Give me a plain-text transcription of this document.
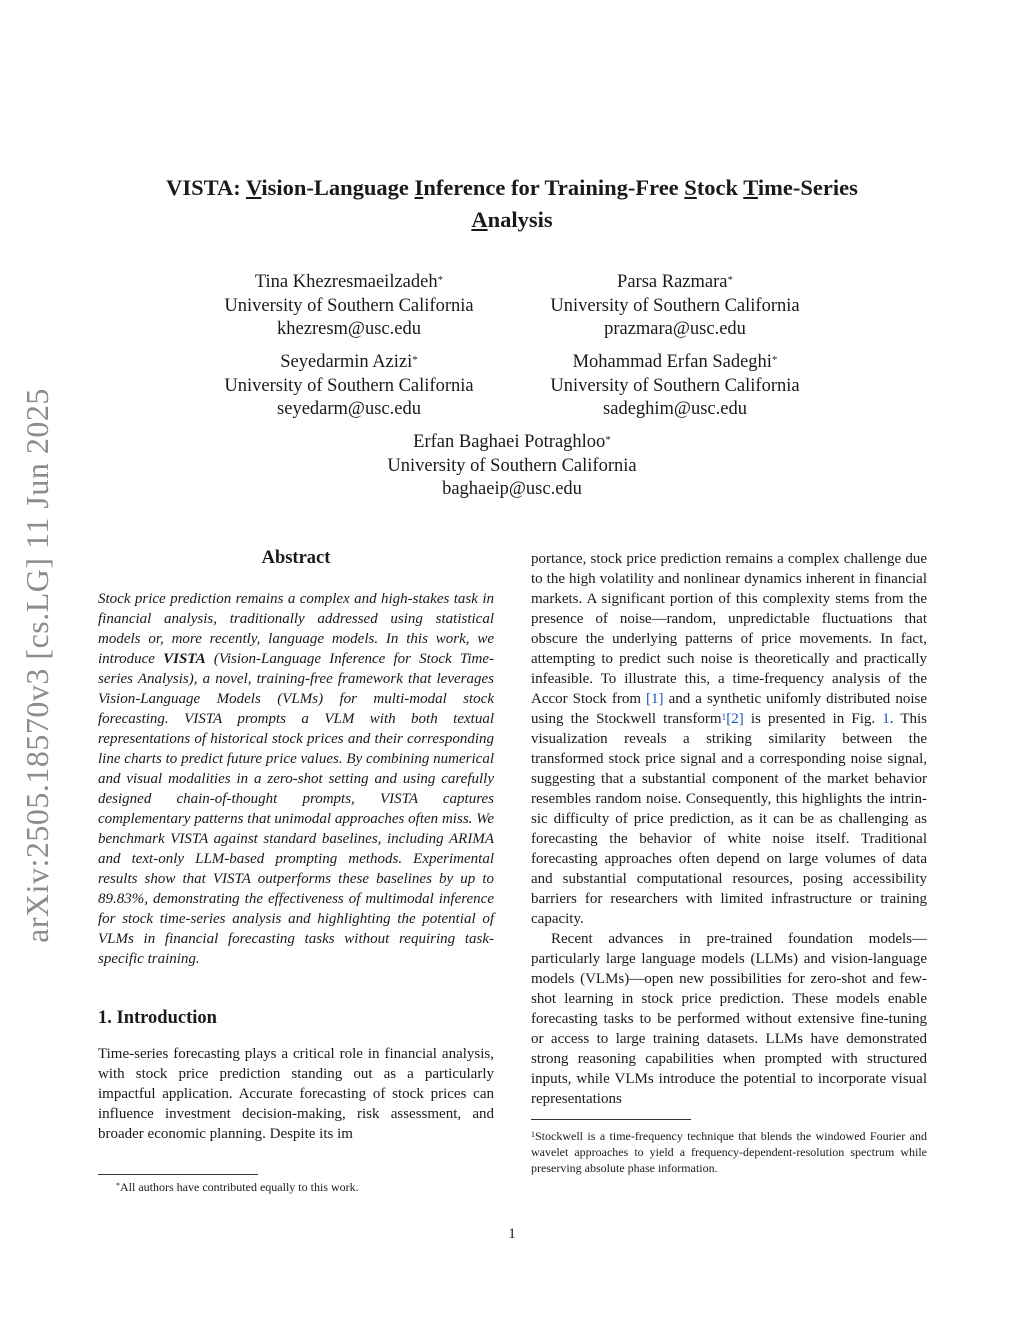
arXiv:2505.18570v3 [cs.LG] 11 Jun 2025
VISTA: Vision-Language Inference for Training-Free Stock Time-Series
Analysis
Tina Khezresmaeilzadeh*
University of Southern California
khezresm@usc.edu
Parsa Razmara*
University of Southern California
prazmara@usc.edu
Seyedarmin Azizi*
University of Southern California
seyedarm@usc.edu
Mohammad Erfan Sadeghi*
University of Southern California
sadeghim@usc.edu
Erfan Baghaei Potraghloo*
University of Southern California
baghaeip@usc.edu
Abstract

Stock price prediction remains a complex and high-stakes task in financial analysis, traditionally addressed using statistical models or, more recently, language models. In this work, we introduce VISTA (Vision-Language Inference for Stock Time-series Analysis), a novel, training-free framework that leverages Vision-Language Models (VLMs) for multi-modal stock forecasting. VISTA prompts a VLM with both textual representations of historical stock prices and their corresponding line charts to predict future price values. By combining numerical and visual modalities in a zero-shot setting and using carefully designed chain-of-thought prompts, VISTA captures complementary patterns that unimodal approaches often miss. We benchmark VISTA against standard baselines, including ARIMA and text-only LLM-based prompting methods. Experimental results show that VISTA outperforms these baselines by up to 89.83%, demonstrating the effectiveness of multimodal inference for stock time-series analysis and highlighting the potential of VLMs in financial forecasting tasks without requiring task-specific training.

1. Introduction

Time-series forecasting plays a critical role in financial analysis, with stock price prediction standing out as a particularly impactful application. Accurate forecasting of stock prices can influence investment decision-making, risk assessment, and broader economic planning. Despite its im

*All authors have contributed equally to this work.

portance, stock price prediction remains a complex challenge due to the high volatility and nonlinear dynamics inherent in financial markets. A significant portion of this complexity stems from the presence of noise—random, unpredictable fluctuations that obscure the underlying patterns of price movements. In fact, attempting to predict such noise is theoretically and practically infeasible. To illustrate this, a time-frequency analysis of the Accor Stock from [1] and a synthetic unifomly distributed noise using the Stockwell transform$^1$[2] is presented in Fig. 1. This visualization reveals a striking similarity between the transformed stock price signal and a corresponding noise signal, suggesting that a substantial component of the market behavior resembles random noise. Consequently, this highlights the intrinsic difficulty of price prediction, as it can be as challenging as forecasting the behavior of white noise itself. Traditional forecasting approaches often depend on large volumes of data and substantial computational resources, posing accessibility barriers for researchers with limited infrastructure or training capacity.

Recent advances in pre-trained foundation models—particularly large language models (LLMs) and vision-language models (VLMs)—open new possibilities for zero-shot and few-shot learning in stock price prediction. These models enable forecasting tasks to be performed without extensive fine-tuning or access to large training datasets. LLMs have demonstrated strong reasoning capabilities when prompted with structured inputs, while VLMs introduce the potential to incorporate visual representations

$^1$Stockwell is a time-frequency technique that blends the windowed Fourier and wavelet approaches to yield a frequency-dependent-resolution spectrum while preserving absolute phase information.

1
